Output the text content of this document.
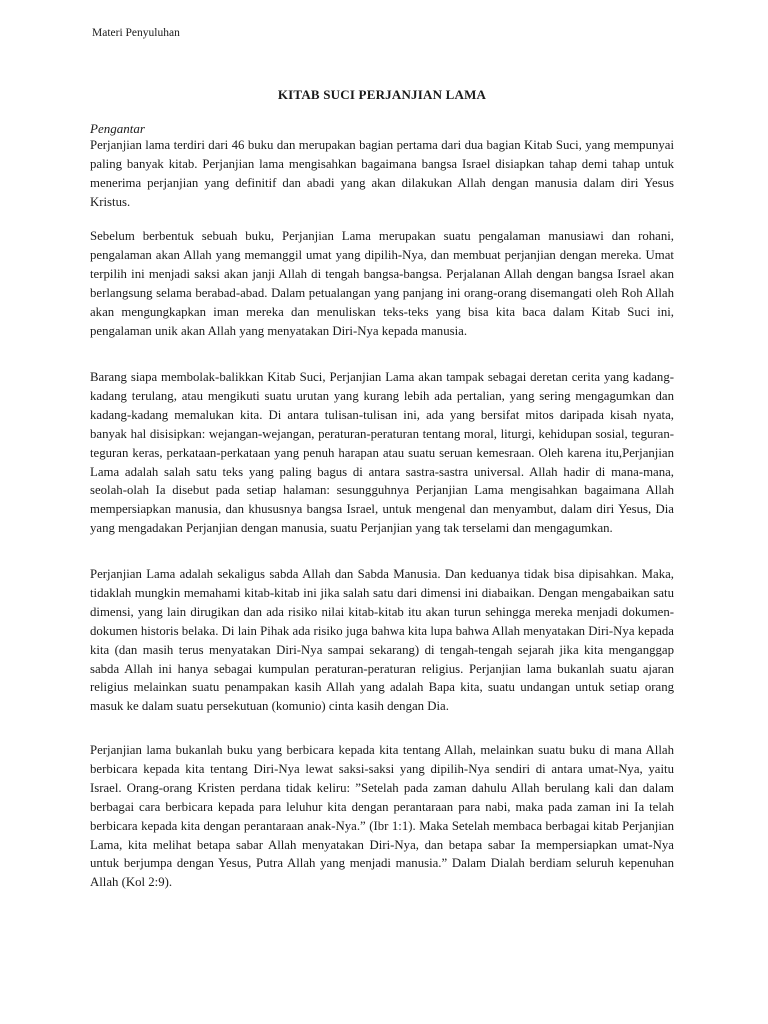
Materi Penyuluhan
KITAB SUCI PERJANJIAN LAMA
Pengantar

Perjanjian lama terdiri dari 46 buku dan merupakan bagian pertama dari dua bagian Kitab Suci, yang mempunyai paling banyak kitab. Perjanjian lama mengisahkan bagaimana bangsa Israel disiapkan tahap demi tahap untuk menerima perjanjian yang definitif dan abadi yang akan dilakukan Allah dengan manusia dalam diri Yesus Kristus.

Sebelum berbentuk sebuah buku, Perjanjian Lama merupakan suatu pengalaman manusiawi dan rohani, pengalaman akan Allah yang memanggil umat yang dipilih-Nya, dan membuat perjanjian dengan mereka. Umat terpilih ini menjadi saksi akan janji Allah di tengah bangsa-bangsa. Perjalanan Allah dengan bangsa Israel akan berlangsung selama berabad-abad. Dalam petualangan yang panjang ini orang-orang disemangati oleh Roh Allah akan mengungkapkan iman mereka dan menuliskan teks-teks yang bisa kita baca dalam Kitab Suci ini, pengalaman unik akan Allah yang menyatakan Diri-Nya kepada manusia.

Barang siapa membolak-balikkan Kitab Suci, Perjanjian Lama akan tampak sebagai deretan cerita yang kadang-kadang terulang, atau mengikuti suatu urutan yang kurang lebih ada pertalian, yang sering mengagumkan dan kadang-kadang memalukan kita. Di antara tulisan-tulisan ini, ada yang bersifat mitos daripada kisah nyata, banyak hal disisipkan: wejangan-wejangan, peraturan-peraturan tentang moral, liturgi, kehidupan sosial, teguran-teguran keras, perkataan-perkataan yang penuh harapan atau suatu seruan kemesraan. Oleh karena itu,Perjanjian Lama adalah salah satu teks yang paling bagus di antara sastra-sastra universal. Allah hadir di mana-mana, seolah-olah Ia disebut pada setiap halaman: sesungguhnya Perjanjian Lama mengisahkan bagaimana Allah mempersiapkan manusia, dan khususnya bangsa Israel, untuk mengenal dan menyambut, dalam diri Yesus, Dia yang mengadakan Perjanjian dengan manusia, suatu Perjanjian yang tak terselami dan mengagumkan.

Perjanjian Lama adalah sekaligus sabda Allah dan Sabda Manusia. Dan keduanya tidak bisa dipisahkan. Maka, tidaklah mungkin memahami kitab-kitab ini jika salah satu dari dimensi ini diabaikan. Dengan mengabaikan satu dimensi, yang lain dirugikan dan ada risiko nilai kitab-kitab itu akan turun sehingga mereka menjadi dokumen-dokumen historis belaka. Di lain Pihak ada risiko juga bahwa kita lupa bahwa Allah menyatakan Diri-Nya kepada kita (dan masih terus menyatakan Diri-Nya sampai sekarang) di tengah-tengah sejarah jika kita menganggap sabda Allah ini hanya sebagai kumpulan peraturan-peraturan religius. Perjanjian lama bukanlah suatu ajaran religius melainkan suatu penampakan kasih Allah yang adalah Bapa kita, suatu undangan untuk setiap orang masuk ke dalam suatu persekutuan (komunio) cinta kasih dengan Dia.

Perjanjian lama bukanlah buku yang berbicara kepada kita tentang Allah, melainkan suatu buku di mana Allah berbicara kepada kita tentang Diri-Nya lewat saksi-saksi yang dipilih-Nya sendiri di antara umat-Nya, yaitu Israel. Orang-orang Kristen perdana tidak keliru: ”Setelah pada zaman dahulu Allah berulang kali dan dalam berbagai cara berbicara kepada para leluhur kita dengan perantaraan para nabi, maka pada zaman ini Ia telah berbicara kepada kita dengan perantaraan anak-Nya.” (Ibr 1:1). Maka Setelah membaca berbagai kitab Perjanjian Lama, kita melihat betapa sabar Allah menyatakan Diri-Nya, dan betapa sabar Ia mempersiapkan umat-Nya untuk berjumpa dengan Yesus, Putra Allah yang menjadi manusia.” Dalam Dialah berdiam seluruh kepenuhan Allah (Kol 2:9).
